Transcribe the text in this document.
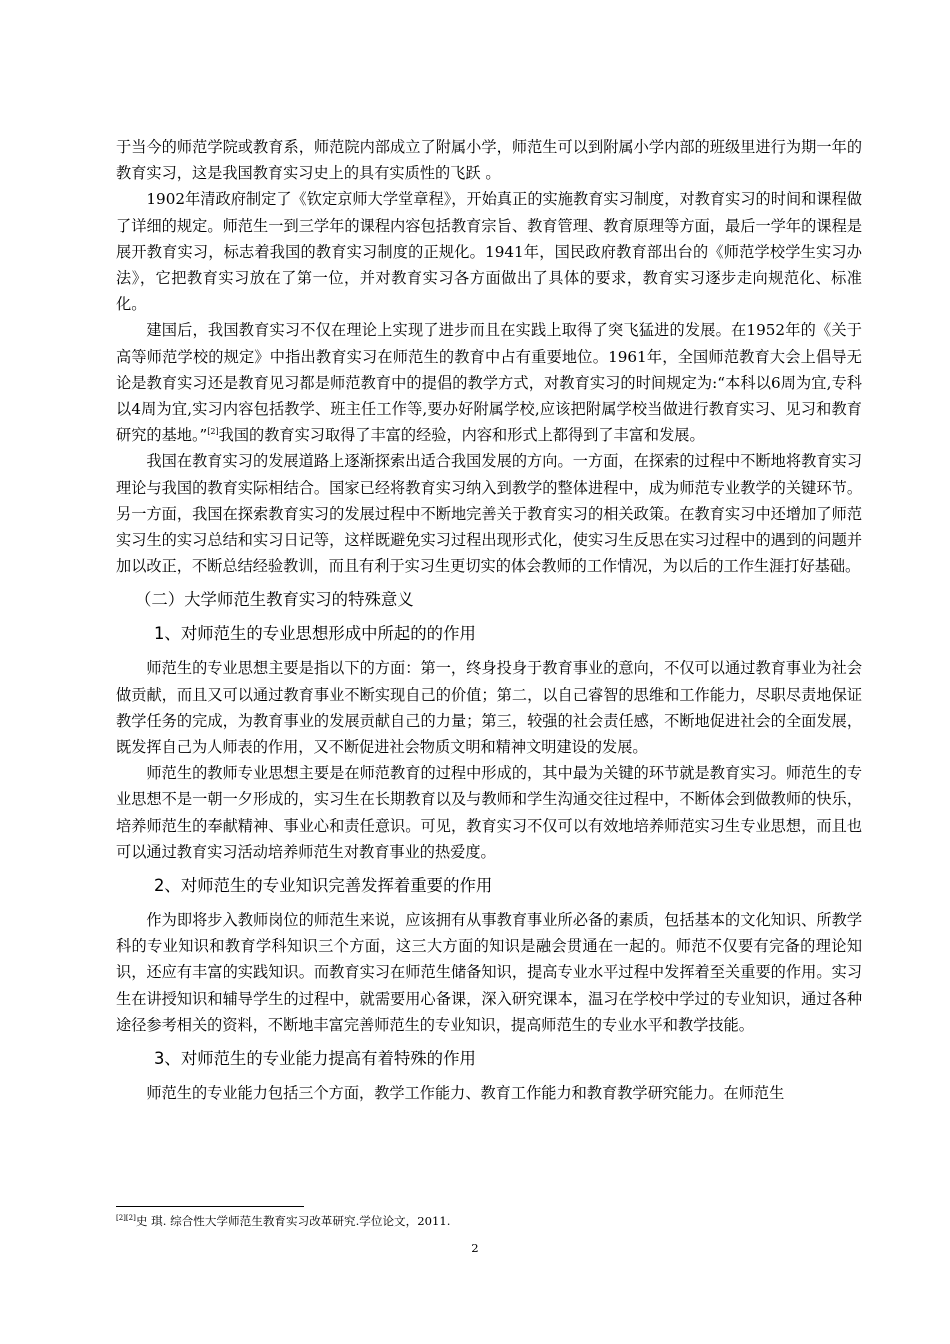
于当今的师范学院或教育系，师范院内部成立了附属小学，师范生可以到附属小学内部的班级里进行为期一年的教育实习，这是我国教育实习史上的具有实质性的飞跃 。

1902年清政府制定了《钦定京师大学堂章程》，开始真正的实施教育实习制度，对教育实习的时间和课程做了详细的规定。师范生一到三学年的课程内容包括教育宗旨、教育管理、教育原理等方面，最后一学年的课程是展开教育实习，标志着我国的教育实习制度的正规化。1941年，国民政府教育部出台的《师范学校学生实习办法》，它把教育实习放在了第一位，并对教育实习各方面做出了具体的要求，教育实习逐步走向规范化、标准化。

建国后，我国教育实习不仅在理论上实现了进步而且在实践上取得了突飞猛进的发展。在1952年的《关于高等师范学校的规定》中指出教育实习在师范生的教育中占有重要地位。1961年，全国师范教育大会上倡导无论是教育实习还是教育见习都是师范教育中的提倡的教学方式，对教育实习的时间规定为:“本科以6周为宜,专科以4周为宜,实习内容包括教学、班主任工作等,要办好附属学校,应该把附属学校当做进行教育实习、见习和教育研究的基地。”[2]我国的教育实习取得了丰富的经验，内容和形式上都得到了丰富和发展。

我国在教育实习的发展道路上逐渐探索出适合我国发展的方向。一方面，在探索的过程中不断地将教育实习理论与我国的教育实际相结合。国家已经将教育实习纳入到教学的整体进程中，成为师范专业教学的关键环节。另一方面，我国在探索教育实习的发展过程中不断地完善关于教育实习的相关政策。在教育实习中还增加了师范实习生的实习总结和实习日记等，这样既避免实习过程出现形式化，使实习生反思在实习过程中的遇到的问题并加以改正，不断总结经验教训，而且有利于实习生更切实的体会教师的工作情况，为以后的工作生涯打好基础。

（二）大学师范生教育实习的特殊意义
1、对师范生的专业思想形成中所起的的作用

师范生的专业思想主要是指以下的方面：第一，终身投身于教育事业的意向，不仅可以通过教育事业为社会做贡献，而且又可以通过教育事业不断实现自己的价值；第二，以自己睿智的思维和工作能力，尽职尽责地保证教学任务的完成，为教育事业的发展贡献自己的力量；第三，较强的社会责任感，不断地促进社会的全面发展，既发挥自己为人师表的作用，又不断促进社会物质文明和精神文明建设的发展。

师范生的教师专业思想主要是在师范教育的过程中形成的，其中最为关键的环节就是教育实习。师范生的专业思想不是一朝一夕形成的，实习生在长期教育以及与教师和学生沟通交往过程中，不断体会到做教师的快乐，培养师范生的奉献精神、事业心和责任意识。可见，教育实习不仅可以有效地培养师范实习生专业思想，而且也可以通过教育实习活动培养师范生对教育事业的热爱度。

2、对师范生的专业知识完善发挥着重要的作用

作为即将步入教师岗位的师范生来说，应该拥有从事教育事业所必备的素质，包括基本的文化知识、所教学科的专业知识和教育学科知识三个方面，这三大方面的知识是融会贯通在一起的。师范不仅要有完备的理论知识，还应有丰富的实践知识。而教育实习在师范生储备知识，提高专业水平过程中发挥着至关重要的作用。实习生在讲授知识和辅导学生的过程中，就需要用心备课，深入研究课本，温习在学校中学过的专业知识，通过各种途径参考相关的资料，不断地丰富完善师范生的专业知识，提高师范生的专业水平和教学技能。

3、对师范生的专业能力提高有着特殊的作用

师范生的专业能力包括三个方面，教学工作能力、教育工作能力和教育教学研究能力。在师范生

[2][2]史 琪. 综合性大学师范生教育实习改革研究.学位论文，2011.
2
